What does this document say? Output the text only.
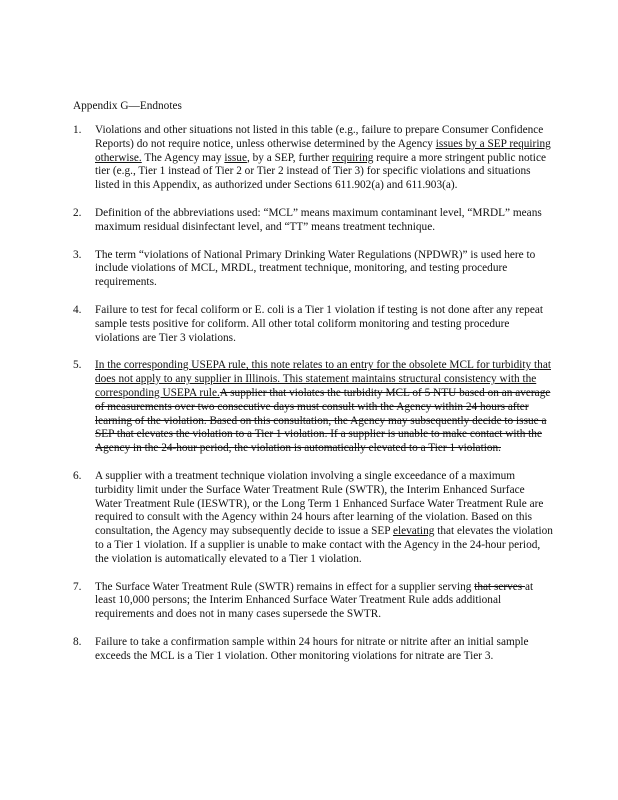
Appendix G—Endnotes
1. Violations and other situations not listed in this table (e.g., failure to prepare Consumer Confidence Reports) do not require notice, unless otherwise determined by the Agency issues by a SEP requiring otherwise. The Agency may issue, by a SEP, further requiring require a more stringent public notice tier (e.g., Tier 1 instead of Tier 2 or Tier 2 instead of Tier 3) for specific violations and situations listed in this Appendix, as authorized under Sections 611.902(a) and 611.903(a).
2. Definition of the abbreviations used: “MCL” means maximum contaminant level, “MRDL” means maximum residual disinfectant level, and “TT” means treatment technique.
3. The term “violations of National Primary Drinking Water Regulations (NPDWR)” is used here to include violations of MCL, MRDL, treatment technique, monitoring, and testing procedure requirements.
4. Failure to test for fecal coliform or E. coli is a Tier 1 violation if testing is not done after any repeat sample tests positive for coliform. All other total coliform monitoring and testing procedure violations are Tier 3 violations.
5. In the corresponding USEPA rule, this note relates to an entry for the obsolete MCL for turbidity that does not apply to any supplier in Illinois. This statement maintains structural consistency with the corresponding USEPA rule.A supplier that violates the turbidity MCL of 5 NTU based on an average of measurements over two consecutive days must consult with the Agency within 24 hours after learning of the violation. Based on this consultation, the Agency may subsequently decide to issue a SEP that elevates the violation to a Tier 1 violation. If a supplier is unable to make contact with the Agency in the 24-hour period, the violation is automatically elevated to a Tier 1 violation.
6. A supplier with a treatment technique violation involving a single exceedance of a maximum turbidity limit under the Surface Water Treatment Rule (SWTR), the Interim Enhanced Surface Water Treatment Rule (IESWTR), or the Long Term 1 Enhanced Surface Water Treatment Rule are required to consult with the Agency within 24 hours after learning of the violation. Based on this consultation, the Agency may subsequently decide to issue a SEP elevating that elevates the violation to a Tier 1 violation. If a supplier is unable to make contact with the Agency in the 24-hour period, the violation is automatically elevated to a Tier 1 violation.
7. The Surface Water Treatment Rule (SWTR) remains in effect for a supplier serving that serves at least 10,000 persons; the Interim Enhanced Surface Water Treatment Rule adds additional requirements and does not in many cases supersede the SWTR.
8. Failure to take a confirmation sample within 24 hours for nitrate or nitrite after an initial sample exceeds the MCL is a Tier 1 violation. Other monitoring violations for nitrate are Tier 3.
